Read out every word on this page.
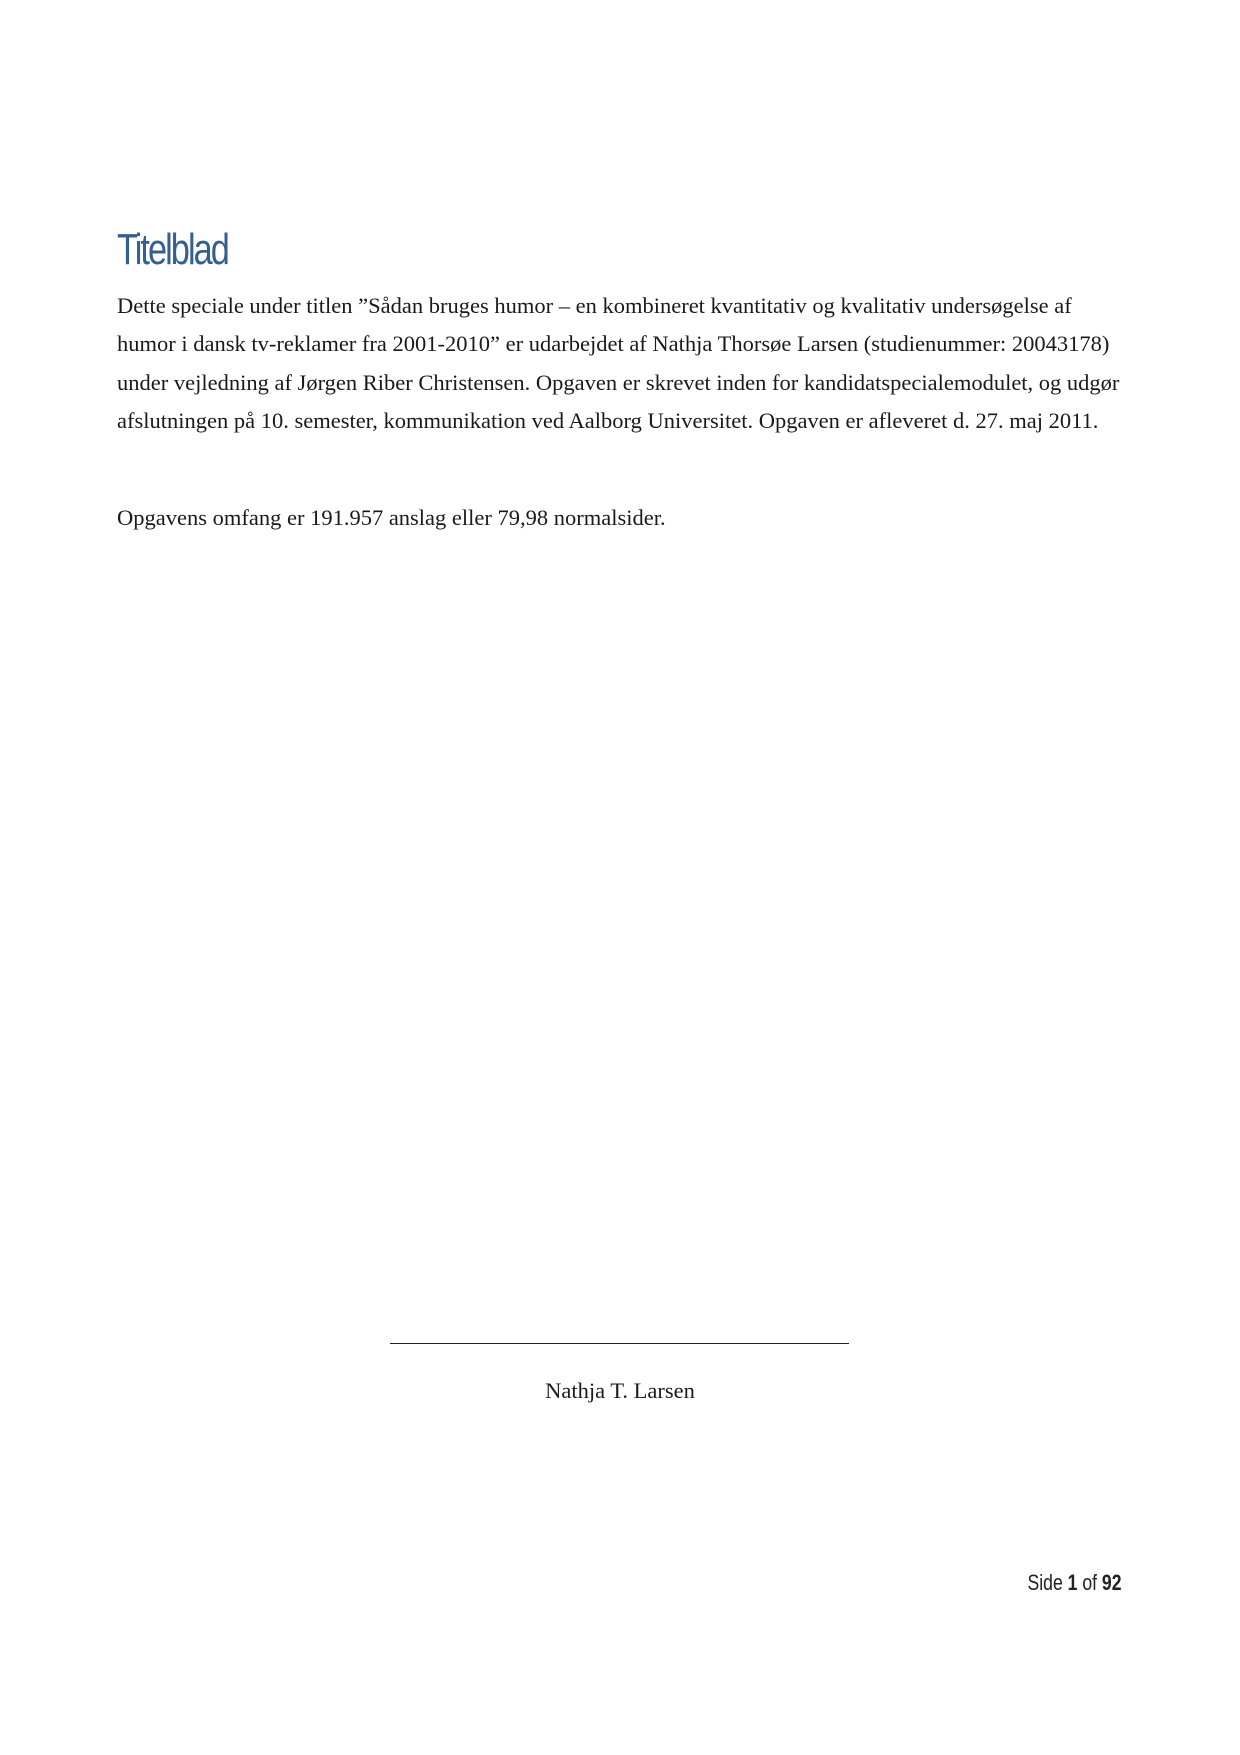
Titelblad

Dette speciale under titlen ”Sådan bruges humor – en kombineret kvantitativ og kvalitativ undersøgelse af humor i dansk tv-reklamer fra 2001-2010” er udarbejdet af Nathja Thorsøe Larsen (studienummer: 20043178) under vejledning af Jørgen Riber Christensen. Opgaven er skrevet inden for kandidatspecialemodulet, og udgør afslutningen på 10. semester, kommunikation ved Aalborg Universitet. Opgaven er afleveret d. 27. maj 2011.

Opgavens omfang er 191.957 anslag eller 79,98 normalsider.

Nathja T. Larsen
Side 1 of 92
